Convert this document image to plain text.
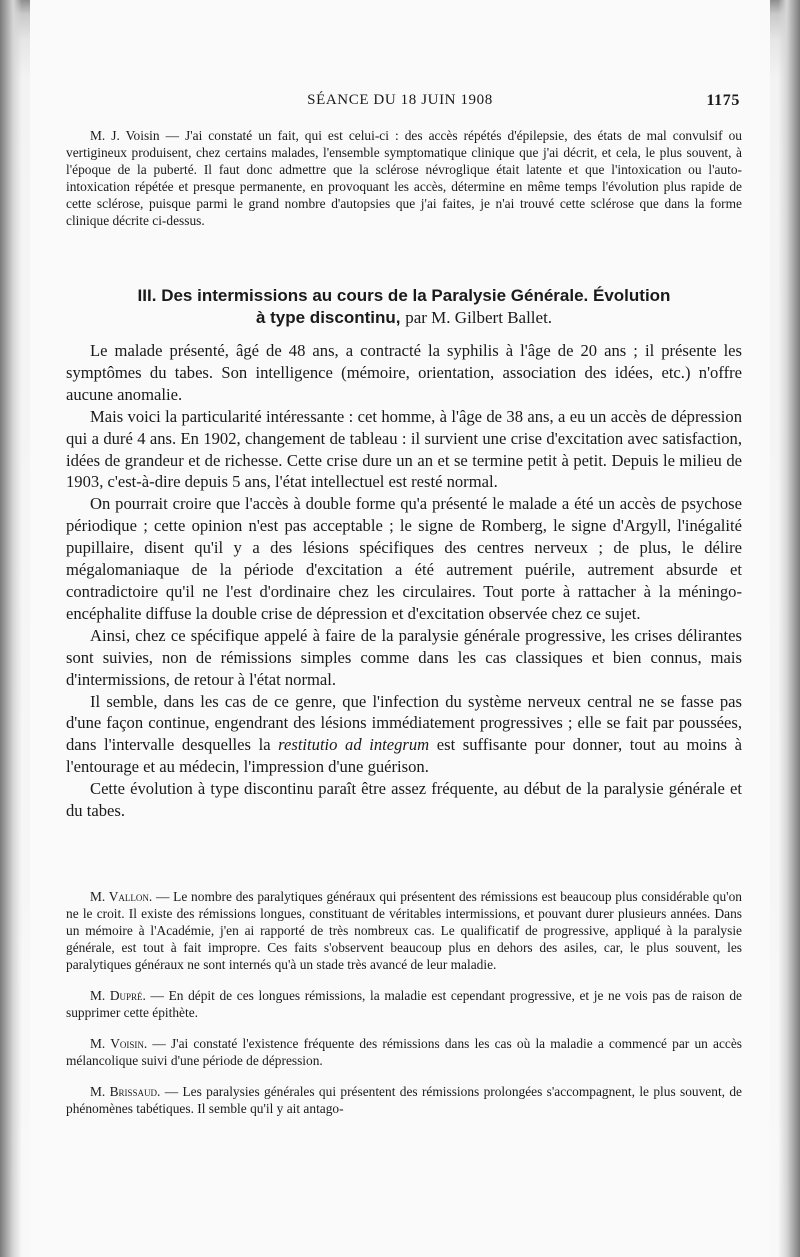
SÉANCE DU 18 JUIN 1908	1175

M. J. Voisin — J'ai constaté un fait, qui est celui-ci : des accès répétés d'épilepsie, des états de mal convulsif ou vertigineux produisent, chez certains malades, l'ensemble symptomatique clinique que j'ai décrit, et cela, le plus souvent, à l'époque de la puberté. Il faut donc admettre que la sclérose névroglique était latente et que l'intoxication ou l'auto-intoxication répétée et presque permanente, en provoquant les accès, détermine en même temps l'évolution plus rapide de cette sclérose, puisque parmi le grand nombre d'autopsies que j'ai faites, je n'ai trouvé cette sclérose que dans la forme clinique décrite ci-dessus.

III. Des intermissions au cours de la Paralysie Générale. Évolution
à type discontinu, par M. Gilbert Ballet.

Le malade présenté, âgé de 48 ans, a contracté la syphilis à l'âge de 20 ans ; il présente les symptômes du tabes. Son intelligence (mémoire, orientation, association des idées, etc.) n'offre aucune anomalie.

Mais voici la particularité intéressante : cet homme, à l'âge de 38 ans, a eu un accès de dépression qui a duré 4 ans. En 1902, changement de tableau : il survient une crise d'excitation avec satisfaction, idées de grandeur et de richesse. Cette crise dure un an et se termine petit à petit. Depuis le milieu de 1903, c'est-à-dire depuis 5 ans, l'état intellectuel est resté normal.

On pourrait croire que l'accès à double forme qu'a présenté le malade a été un accès de psychose périodique ; cette opinion n'est pas acceptable ; le signe de Romberg, le signe d'Argyll, l'inégalité pupillaire, disent qu'il y a des lésions spécifiques des centres nerveux ; de plus, le délire mégalomaniaque de la période d'excitation a été autrement puérile, autrement absurde et contradictoire qu'il ne l'est d'ordinaire chez les circulaires. Tout porte à rattacher à la méningo-encéphalite diffuse la double crise de dépression et d'excitation observée chez ce sujet.

Ainsi, chez ce spécifique appelé à faire de la paralysie générale progressive, les crises délirantes sont suivies, non de rémissions simples comme dans les cas classiques et bien connus, mais d'intermissions, de retour à l'état normal.

Il semble, dans les cas de ce genre, que l'infection du système nerveux central ne se fasse pas d'une façon continue, engendrant des lésions immédiatement progressives ; elle se fait par poussées, dans l'intervalle desquelles la restitutio ad integrum est suffisante pour donner, tout au moins à l'entourage et au médecin, l'impression d'une guérison.

Cette évolution à type discontinu paraît être assez fréquente, au début de la paralysie générale et du tabes.

M. Vallon. — Le nombre des paralytiques généraux qui présentent des rémissions est beaucoup plus considérable qu'on ne le croit. Il existe des rémissions longues, constituant de véritables intermissions, et pouvant durer plusieurs années. Dans un mémoire à l'Académie, j'en ai rapporté de très nombreux cas. Le qualificatif de progressive, appliqué à la paralysie générale, est tout à fait impropre. Ces faits s'observent beaucoup plus en dehors des asiles, car, le plus souvent, les paralytiques généraux ne sont internés qu'à un stade très avancé de leur maladie.

M. Dupré. — En dépit de ces longues rémissions, la maladie est cependant progressive, et je ne vois pas de raison de supprimer cette épithète.

M. Voisin. — J'ai constaté l'existence fréquente des rémissions dans les cas où la maladie a commencé par un accès mélancolique suivi d'une période de dépression.

M. Brissaud. — Les paralysies générales qui présentent des rémissions prolongées s'accompagnent, le plus souvent, de phénomènes tabétiques. Il semble qu'il y ait antago-
